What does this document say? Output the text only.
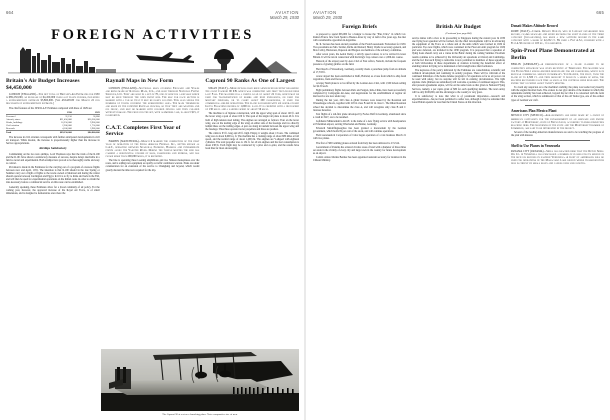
664	AVIATION
March 29, 1930
FOREIGN ACTIVITIES
Britain's Air Budget Increases $4,450,000

LONDON (ENGLAND)—The net total of Britain's Air Estimates for 1930 is $89,250,000, an increase of $4,450,000 over last year's figures, including a supplementary estimate $3,860,000. [See AVIATION for March 22 for discussion of supplementary estimate.]

The chief features of the 1930 R.A.F. Estimates compared with those of 1929 are:

	1930	1929
Personnel	31,150	30,800
Aircraft, stores	$21,450,000	$20,300,000
Works, buildings	10,250,000	9,900,000
Civil aviation	2,200,000	1,750,000
Research	4,100,000	3,980,000
Total	$89,250,000	$84,800,000

The increase in civil aviation corresponds with further anticipated developments in civil air transport. While modest, the increase is proportionately higher than the increase in Service appropriations.

Airships Satisfactory

Commenting on the two new airships, Lord Thomson says that the trials of the R.100 and the R.101 have shown a satisfactory measure of success, despite delays inevitable in a field so novel and experimental. Both airships have proved to be thoroughly stable and easy to control.

Provision is made in the Estimates for the carrying out of a program of overseas flights between now and April, 1931. The intention is that R.100 should in the late Spring or Summer carry out a flight or flights to the towns owned at Montreal and during the winter should operate between Cardington and Egypt. R.101 is to fly to India and back in the Fall, and will then be used for experimental operations on the Indian route in order to obtain the data necessary before a commercial service on this route can be established.

Generally speaking, these Estimates allow for a broad continuity of air policy. For the coming year, however, the approved increase of the Royal Air Force, is of small dimensions, and is designed to demonstrate once more the

Raynall Maps in New Form

LONDON (ENGLAND)—Sectional maps covering England and Wales are being made by Raynall Maps, Ltd., and sold through National Flying Services, Ltd. They are sold in a set of 70, one of which is a key-map which may be seen through the open front box. The map for each section is marked with a tab so that it may be easily located. This also shows the numbers of towns covering the surrounding area. The maps themselves are made by the patented Raynall process, so that they are weather and oil proof, and may be marked with colored pencils and then cleaned without damage. The price for the set, with aluminum case, is about $15, it is reported.

C.A.T. Completes First Year of Service

HARBIN (MANCHURIA)—March 6 marked the completion of the first year of operation of the China Airways Federal Inc., better known as C.A.T., operating between Shanghai, Nanking, Hankow and intermediate points along the Yangtze River. During the twelve months the line has carried a substantial volume of mail, passengers and express, and has flown more than 200,000 miles, it is reported.

The line is operating three Loening amphibians and two Stinson monoplanes over the route, and is adding new equipment as rapidly as traffic conditions warrant. Plans are under consideration for an extension of the service to Chungking and beyond, which would greatly shorten the time now required for the trip.

Caproni 90 Ranks As One of Largest

MILAN (ITALY)—More details have been announced recently regarding the giant Caproni 90 P.B. which was completed and first test-flown here last Fall. The machine has a useful load of about 22 tons, which may be used for transportation of bombs and high explosives, or used for military purposes, or to carry about 100 passengers, if used for commercial airline operations. The plane is powered with six water-cooled Isotta Fraschini engines of 1,000 hp. each. It is credited with a high speed of 130 m.p.h. and a landing speed of about 56 m.p.h.

The machine is of biplane construction, with the upper wing span of about 120 ft. and the lower wing a span of about 100 ft. The span of the single tail plane is about 46 ft. It is built of high tension steel tubing. The engines are arranged as follows: Four on the lower wing, one on the leading edge of the wing on either side of the fuselage and two directly behind these on the trailing edges. A pair are slung in tandem between the upper wing and the fuselage. Thus three operate tractor propellers and three are pushers.

The cabin is 93 ft. long and 20 ft. high. Empty, it weighs about 13 tons. The combined wing area is about 6,600 sq. ft. The machine has a cruising range of about 680 miles at full speed, and the normal range of about 1,200 mi. The engines are V-shaped with eighteen cylinders. The total propeller area is 134 ft. for all six engines and the fuel consumption is about 238 lb. Each flight may be conducted by a pilot and co-pilot, and the results have been thus far most encouraging.

The Caproni 90 at rest on a launching plane. Note comparative size of men.
AVIATION
March 29, 1930
665
Foreign Briefs

A proposal to spend $65,000 for a hangar to house the "Plus Ultra," in which Col. Ramon Franco flew from Spain to Buenos Aires by way of Africa five years ago, has met with considerable opposition in Argentina.

M. R. Serreau has been elected president of the French Aeronautic Federation for 1930. Vice-presidents are Mrs. Sardier, Riche and Renard; Henry Challe is secretary-general, and Max Cobby, Bleriotaux, Duperon and Bregeot are members of the advisory committee.

After seven years, the Aerial Derby, a strictly speed contest, is to be revived in Great Britain. It will be run in connection with the King's Cup contest over a 1,000-mi. course.

Hazards of the airport used by Aero Club of East Africa, Nairobi, include the frequent presence of grazing giraffes on the field.

Herr Rasch of Wasserberg, Germany, recently made a parachute jump from an altitude of 17,333 ft.

A new airport has been established at Delft, Holland, as a base from which to ship fresh vegetables, fruits and flowers.

A Gipsy Moth plane is to be raffled by the London Aero Club, with 1,500 tickets selling for $2.50 each.

Eight preliminary flights between Paris and Saigon, Indo-China, have been successfully completed by Compagnie Air-Asie, and negotiations for the establishment of regular air mail service are now under way.

During the last year, 229 class A glider licenses were issued by the Rossitten and Wasserkuppe schools, together with 218 in class B and 62 in class C. The Rhon Rossitten school has decided to discontinue the class A, and will recognize only class B and C licenses hereafter.

Test flights of a tail-first plane developed by Focke-Wulf in Germany, abandoned since a crash in 1927, are to be resumed.

Luftdienst Ministerium G.m.b.H. is the name of a new flying service with headquarters at Erfurtshen airport, serving Wiesbaden and Mainz, Germany.

Eckstach Metallflugzeugbau has been granted a moratorium by the German government, which holds 82 per cent of the stock, and will continue operations.

Field Aeronautical Corporation of Cuba began operation of a taxi business March 21 with two planes.

The first of 300 bombing planes ordered from Italy has been delivered to U.S.S.R.

Government of Panama has ordered circular areas of land with a diameter of three miles set aside in the vicinity of every city and large town in the country for future development as an airport.

Comdr. Arturo Merino Benitez has been appointed assistant secretary for Aviation in the Chilean Ministry.

British Air Budget
(Continued from page 664)

service duties with a view to its proceeding to Singapore during the current year. In 1930 one flying boat squadron will be formed, but the chief developments will be in advancing the equipment of the Force as a whole and of the units which were formed in 1929 in particular. Two new flights, which were contained in the Fleet Air Arm program for 1929 and were deferred, are included in the 1930 program. It is proposed that a squadron of flying boats should carry out a cruise in the Baltic during the coming Summer. Excellent results continue to be achieved by the University air squadrons at Oxford and Cambridge, and the fact that such flying is term-time is now permitted to members of these squadrons at both Universities in these departments of aviation is having the beneficial effect of enabling tuition in flying to be maintained at full strength since their formation.

The keynotes of the policy indicated by the Estimates are consolidation, scientific and technical development and continuity in orderly progress. There will be criticism of the continued limitation of the home defense program to 52 squadrons as far as air power can be used with safety, but no surprise will be felt in existing circumstances. The light airplane clubs (thirteen are subsidized) will welcome a promise of continued support. This, after present agreements expire, will be on the same basis as that given to National Flying Services, namely, a per capita grant of $80 for each qualifying member. The total outlay will be only $100,000, and the advantage to the country is very great.

It is satisfactory to note that what is of paramount importance—research and experimentation—has not been permitted to suffer loss, although it may be remarked that Great Britain spends far less than the United States on this direction.

Donati Makes Altitude Record

ROME (ITALY)—Comdr. Renato Donati, who in January established new record, claims seaplane and speed records for light planes of the third category (two-seaters), has made a new altitude record in the same category with a mark of 22,252 ft. He used a Fiat A.S.1, powered with a Fiat A.50 engine of 105 hp., it is reported.

Spin-Proof Plane Demonstrated at Berlin

BERLIN (GERMANY)—A demonstration of a plane claimed to be completely spin-proof was given recently at Tempelhof. The machine was the Focke-Wulf single-engined monoplane for six passengers, which is in regular commercial service in Germany. Von Kappen, the pilot, took the plane up to 2,500 ft. and then brought it down in a series of spins, the machine recovering each time as soon as the controls were released. The entire test occupied about twenty minutes.

To avoid any suspicion as to the machine's stability, the plane was loaded very heavily with the engine throttled back. The owners do not give details of the manner in which this remarkable stability has been achieved, beyond the fact that it is concerned with the form of the wing section, which is reminiscent of that of the old Taube type, one of the earliest types of German war craft.

Americans Plan Mexico Plant

MEXICO CITY (MEXICO)—Arrangements are being made by a group of American capitalists for the establishment of an airplane and engine factory at Monterrey, state of Nuevo Leon, according to press dispatches reaching here. The Governor of the state and the Monterrey Chamber of Commerce, are said to be interested in the project.

Several of the leading American manufacturers are said to be watching the progress of the plan with interest.

Shell to Use Planes in Venezuela

PANAMA CITY (PANAMA)—Shell has reached here that the Dutch Shell Oil Co. in Venezuela has purchased a number of planes for its service in the rich oil regions in eastern Venezuela. A fleet of amphibians will be used for operations in the Maracaibo Lake region where transportation now is chiefly by small boats and canoes over long routes.
